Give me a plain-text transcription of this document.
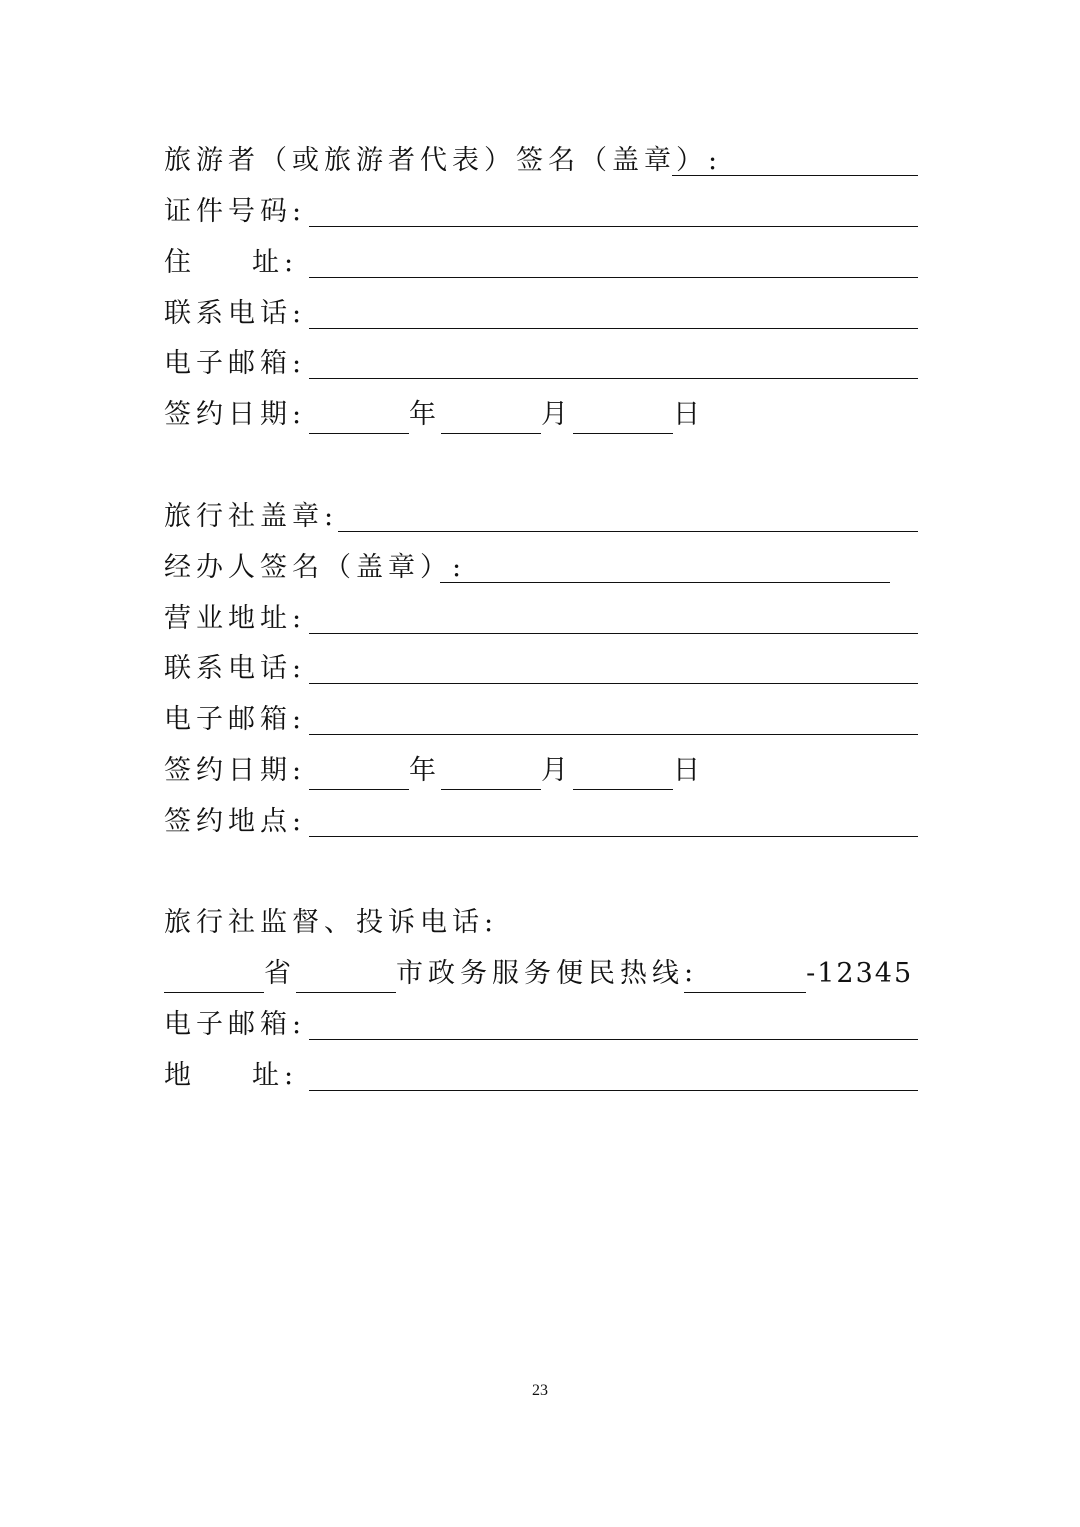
旅游者（或旅游者代表）签名（盖章）:
证件号码:
住 址:
联系电话:
电子邮箱:
签约日期:	年	月	日
旅行社盖章:
经办人签名（盖章）:
营业地址:
联系电话:
电子邮箱:
签约日期:	年	月	日
签约地点:
旅行社监督、投诉电话:
省	市政务服务便民热线 :	-12345
电子邮箱:
地 址:
23
